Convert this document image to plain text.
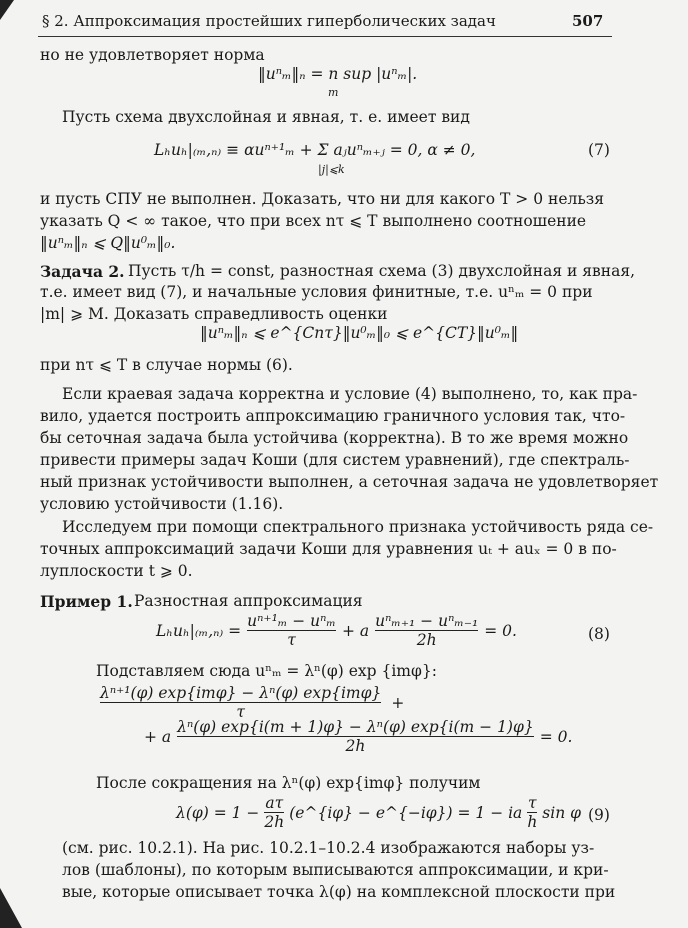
§ 2. Аппроксимация простейших гиперболических задач	507
но не удовлетворяет норма
‖uⁿₘ‖ₙ = n sup |uⁿₘ|.
m
Пусть схема двухслойная и явная, т. е. имеет вид
Lₕuₕ|₍ₘ,ₙ₎ ≡ αuⁿ⁺¹ₘ + Σ aⱼuⁿₘ₊ⱼ = 0, α ≠ 0,
|j|⩽k
(7)
и пусть СПУ не выполнен. Доказать, что ни для какого T > 0 нельзя
указать Q < ∞ такое, что при всех nτ ⩽ T выполнено соотношение
‖uⁿₘ‖ₙ ⩽ Q‖u⁰ₘ‖₀.
Задача 2. Пусть τ/h = const, разностная схема (3) двухслойная и явная,
т.е. имеет вид (7), и начальные условия финитные, т.е. uⁿₘ = 0 при
|m| ⩾ M. Доказать справедливость оценки
‖uⁿₘ‖ₙ ⩽ e^{Cnτ}‖u⁰ₘ‖₀ ⩽ e^{CT}‖u⁰ₘ‖
при nτ ⩽ T в случае нормы (6).
Если краевая задача корректна и условие (4) выполнено, то, как пра-
вило, удается построить аппроксимацию граничного условия так, что-
бы сеточная задача была устойчива (корректна). В то же время можно
привести примеры задач Коши (для систем уравнений), где спектраль-
ный признак устойчивости выполнен, а сеточная задача не удовлетворяет
условию устойчивости (1.16).
Исследуем при помощи спектрального признака устойчивость ряда се-
точных аппроксимаций задачи Коши для уравнения uₜ + auₓ = 0 в по-
луплоскости t ⩾ 0.
Пример 1. Разностная аппроксимация
$L_hu_h|_{(m},_{n)} = \frac{\text{uⁿ⁺¹ₘ − uⁿₘ}}{\tau} + a \frac{\text{uⁿₘ₊₁ − uⁿₘ₋₁}}{2h} = 0$.	(8)
Подставляем сюда uⁿₘ = λⁿ(φ) exp {imφ}:
$\frac{\text{λⁿ⁺¹(φ) exp\{imφ\} − λⁿ(φ) exp\{imφ\}}}{\tau}$ +
+ a $\frac{\text{λⁿ(φ) exp\{i(m + 1)φ\} − λⁿ(φ) exp\{i(m − 1)φ\}}}{2h} = 0$.
После сокращения на λⁿ(φ) exp{imφ} получим
$\lambda(\varphi) = 1 - \frac{a\tau}{2h}$ (e^{iφ} − e^{−iφ}) = 1 − ia $\frac{\tau}{h}$ sin φ (9)
(см. рис. 10.2.1). На рис. 10.2.1–10.2.4 изображаются наборы уз-
лов (шаблоны), по которым выписываются аппроксимации, и кри-
вые, которые описывает точка λ(φ) на комплексной плоскости при
